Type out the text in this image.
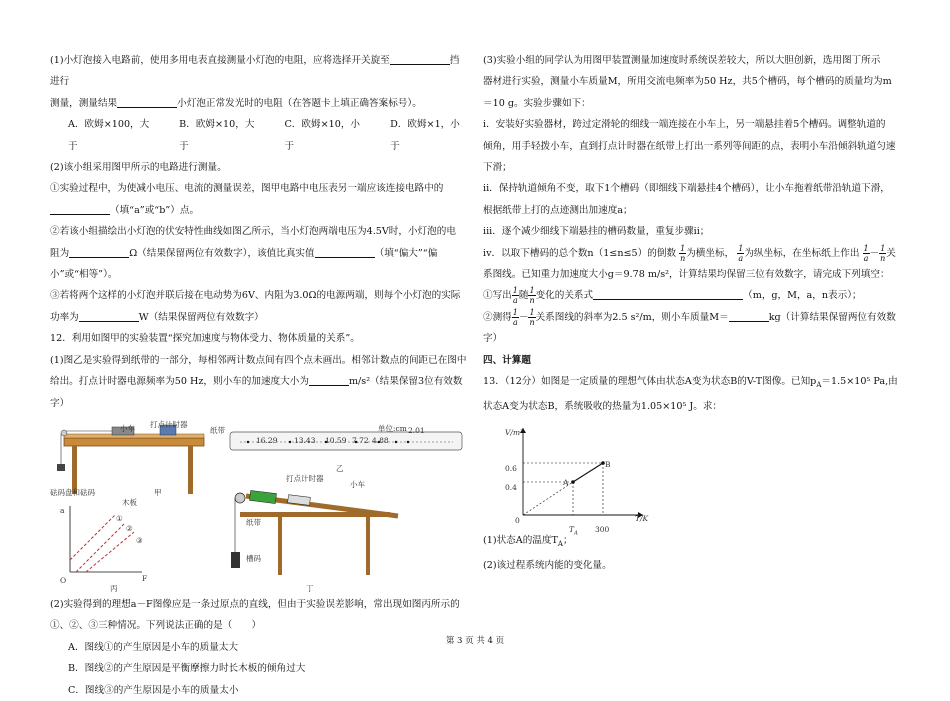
(1)小灯泡接入电路前，使用多用电表直接测量小灯泡的电阻，应将选择开关旋至	挡进行

测量，测量结果	小灯泡正常发光时的电阻（在答题卡上填正确答案标号）。

A．欧姆×100，大于
B．欧姆×10，大于
C．欧姆×10，小于
D．欧姆×1，小于

(2)该小组采用图甲所示的电路进行测量。

①实验过程中，为使减小电压、电流的测量误差，图甲电路中电压表另一端应该连接电路中的

（填“a”或“b”）点。

②若该小组描绘出小灯泡的伏安特性曲线如图乙所示，当小灯泡两端电压为4.5V时，小灯泡的电

阻为	Ω（结果保留两位有效数字），该值比真实值	（填“偏大”“偏小”或“相等”）。

③若将两个这样的小灯泡并联后接在电动势为6V、内阻为3.0Ω的电源两端，则每个小灯泡的实际

功率为	W（结果保留两位有效数字）

12．利用如图甲的实验装置“探究加速度与物体受力、物体质量的关系”。

(1)图乙是实验得到纸带的一部分，每相邻两计数点间有四个点未画出。相邻计数点的间距已在图中

给出。打点计时器电源频率为50 Hz，则小车的加速度大小为	m/s²（结果保留3位有效数字）

小车 打点计时器
纸带
木板
砝码盘和砝码	甲
单位:cm
16.29 13.43 10.59 7.72 4.88
2.01
乙
a
F
O
①
②
③
丙
打点计时器
小车
纸带
槽码
丁

(2)实验得到的理想a－F图像应是一条过原点的直线，但由于实验误差影响，常出现如图丙所示的

①、②、③三种情况。下列说法正确的是（　　）

A．图线①的产生原因是小车的质量太大

B．图线②的产生原因是平衡摩擦力时长木板的倾角过大

C．图线③的产生原因是小车的质量太小

(3)实验小组的同学认为用图甲装置测量加速度时系统误差较大，所以大胆创新，选用图丁所示

器材进行实验，测量小车质量M，所用交流电频率为50 Hz，共5个槽码，每个槽码的质量均为m

＝10 g。实验步骤如下：

i．安装好实验器材，跨过定滑轮的细线一端连接在小车上，另一端悬挂着5个槽码。调整轨道的

倾角，用手轻拨小车，直到打点计时器在纸带上打出一系列等间距的点，表明小车沿倾斜轨道匀速

下滑；

ii．保持轨道倾角不变，取下1个槽码（即细线下端悬挂4个槽码），让小车拖着纸带沿轨道下滑，

根据纸带上打的点迹测出加速度a；

iii．逐个减少细线下端悬挂的槽码数量，重复步骤ii；

iv．以取下槽码的总个数n（1≤n≤5）的倒数 $\frac{1}{n}$ 为横坐标， $\frac{1}{a}$ 为纵坐标，在坐标纸上作出 $\frac{1}{a} - \frac{1}{n}$ 关

系图线。已知重力加速度大小g＝9.78 m/s²，计算结果均保留三位有效数字，请完成下列填空：

①写出 $\frac{1}{a}$ 随 $\frac{1}{n}$ 变化的关系式	（m，g，M，a，n表示）；

②测得 $\frac{1}{a} - \frac{1}{n}$ 关系图线的斜率为2.5 s²/m，则小车质量M＝	kg（计算结果保留两位有效数字）

四、计算题

13．（12分）如图是一定质量的理想气体由状态A变为状态B的V-T图像。已知$p_A=1.5\times 10^5$ Pa,由

状态A变为状态B，系统吸收的热量为1.05×10⁵ J。求：

V/m³
T/K
0
0.6
0.4
$T_A$ 300
A
B

(1)状态A的温度$T_A$；

(2)该过程系统内能的变化量。

第 3 页 共 4 页
